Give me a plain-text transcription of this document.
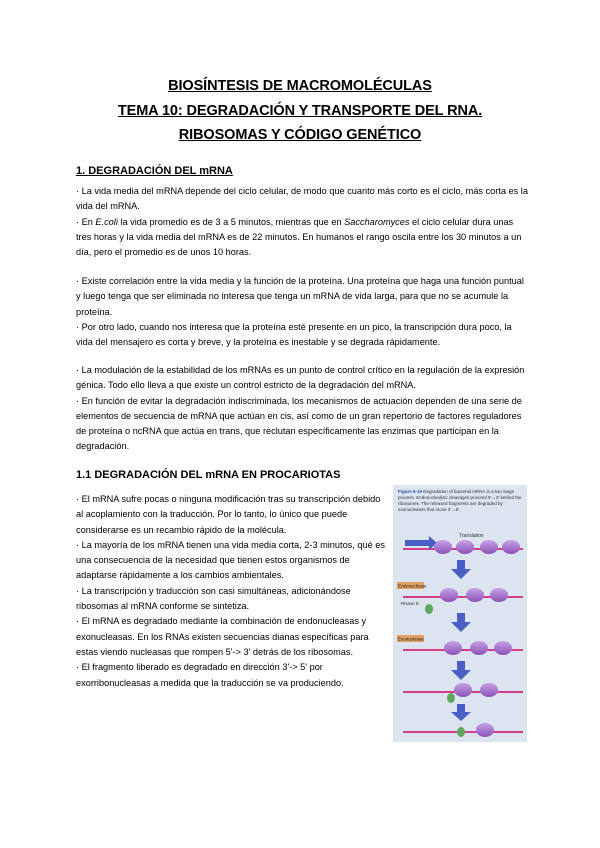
BIOSÍNTESIS DE MACROMOLÉCULAS
TEMA 10: DEGRADACIÓN Y TRANSPORTE DEL RNA.
RIBOSOMAS Y CÓDIGO GENÉTICO
1. DEGRADACIÓN DEL mRNA

· La vida media del mRNA depende del ciclo celular, de modo que cuanto más corto es el ciclo, más corta es la vida del mRNA.

· En E.coli la vida promedio es de 3 a 5 minutos, mientras que en Saccharomyces el ciclo celular dura unas tres horas y la vida media del mRNA es de 22 minutos. En humanos el rango oscila entre los 30 minutos a un día, pero el promedio es de unos 10 horas.

· Existe correlación entre la vida media y la función de la proteína. Una proteína que haga una función puntual y luego tenga que ser eliminada no interesa que tenga un mRNA de vida larga, para que no se acumule la proteína.

· Por otro lado, cuando nos interesa que la proteína esté presente en un pico, la transcripción dura poco, la vida del mensajero es corta y breve, y la proteína es inestable y se degrada rápidamente.

· La modulación de la estabilidad de los mRNAs es un punto de control crítico en la regulación de la expresión génica. Todo ello lleva a que existe un control estricto de la degradación del mRNA.

· En función de evitar la degradación indiscriminada, los mecanismos de actuación dependen de una serie de elementos de secuencia de mRNA que actúan en cis, así como de un gran repertorio de factores reguladores de proteína o ncRNA que actúa en trans, que reclutan específicamente las enzimas que participan en la degradación.

1.1 DEGRADACIÓN DEL mRNA EN PROCARIOTAS

· El mRNA sufre pocas o ninguna modificación tras su transcripción debido al acoplamiento con la traducción. Por lo tanto, lo único que puede considerarse es un recambio rápido de la molécula.

· La mayoría de los mRNA tienen una vida media corta, 2-3 minutos, qué es una consecuencia de la necesidad que tienen estos organismos de adaptarse rápidamente a los cambios ambientales.

· La transcripción y traducción son casi simultáneas, adicionándose ribosomas al mRNA conforme se sintetiza.

· El mRNA es degradado mediante la combinación de endonucleasas y exonucleasas. En los RNAs existen secuencias dianas específicas para estas viendo nucleasas que rompen 5'-> 3' detrás de los ribosomas.

· El fragmento liberado es degradado en dirección 3'-> 5' por exorribonucleasas a medida que la traducción se va produciendo.

Figure 6-19 Degradation of bacterial mRNA is a two stage process. Endonucleolytic cleavages proceed 5'→3' behind the ribosomes. The released fragments are degraded by exonucleases that move 3'→5'.
Translation
Endonuclease
RNase E
Exonuclease
